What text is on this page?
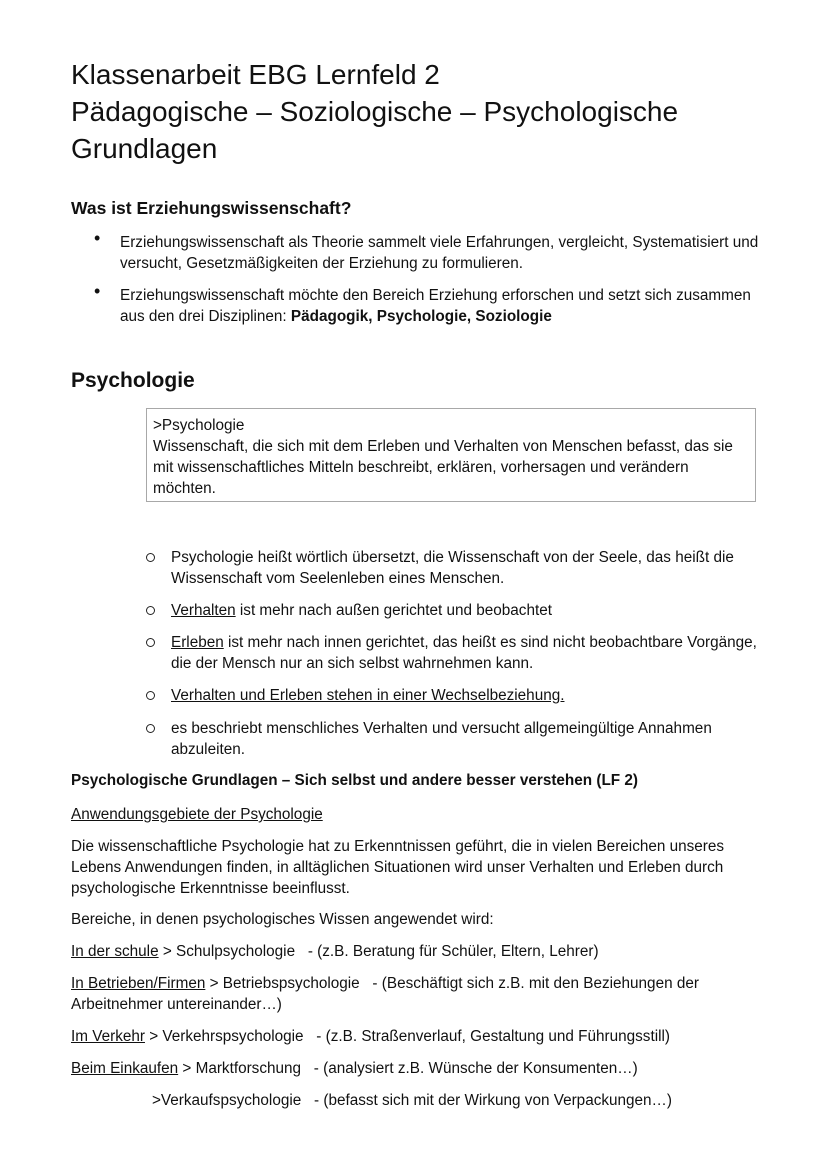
Klassenarbeit EBG Lernfeld 2
Pädagogische – Soziologische – Psychologische
Grundlagen
Was ist Erziehungswissenschaft?
• Erziehungswissenschaft als Theorie sammelt viele Erfahrungen, vergleicht, Systematisiert und versucht, Gesetzmäßigkeiten der Erziehung zu formulieren.
• Erziehungswissenschaft möchte den Bereich Erziehung erforschen und setzt sich zusammen aus den drei Disziplinen: Pädagogik, Psychologie, Soziologie
Psychologie
>Psychologie
Wissenschaft, die sich mit dem Erleben und Verhalten von Menschen befasst, das sie mit wissenschaftliches Mitteln beschreibt, erklären, vorhersagen und verändern möchten.
Psychologie heißt wörtlich übersetzt, die Wissenschaft von der Seele, das heißt die Wissenschaft vom Seelenleben eines Menschen.
Verhalten ist mehr nach außen gerichtet und beobachtet
Erleben ist mehr nach innen gerichtet, das heißt es sind nicht beobachtbare Vorgänge, die der Mensch nur an sich selbst wahrnehmen kann.
Verhalten und Erleben stehen in einer Wechselbeziehung.
es beschriebt menschliches Verhalten und versucht allgemeingültige Annahmen abzuleiten.
Psychologische Grundlagen – Sich selbst und andere besser verstehen (LF 2)
Anwendungsgebiete der Psychologie

Die wissenschaftliche Psychologie hat zu Erkenntnissen geführt, die in vielen Bereichen unseres Lebens Anwendungen finden, in alltäglichen Situationen wird unser Verhalten und Erleben durch psychologische Erkenntnisse beeinflusst.

Bereiche, in denen psychologisches Wissen angewendet wird:

In der schule > Schulpsychologie   - (z.B. Beratung für Schüler, Eltern, Lehrer)
In Betrieben/Firmen > Betriebspsychologie   - (Beschäftigt sich z.B. mit den Beziehungen der Arbeitnehmer untereinander…)
Im Verkehr > Verkehrspsychologie   - (z.B. Straßenverlauf, Gestaltung und Führungsstill)
Beim Einkaufen > Marktforschung   - (analysiert z.B. Wünsche der Konsumenten…)
>Verkaufspsychologie   - (befasst sich mit der Wirkung von Verpackungen…)
